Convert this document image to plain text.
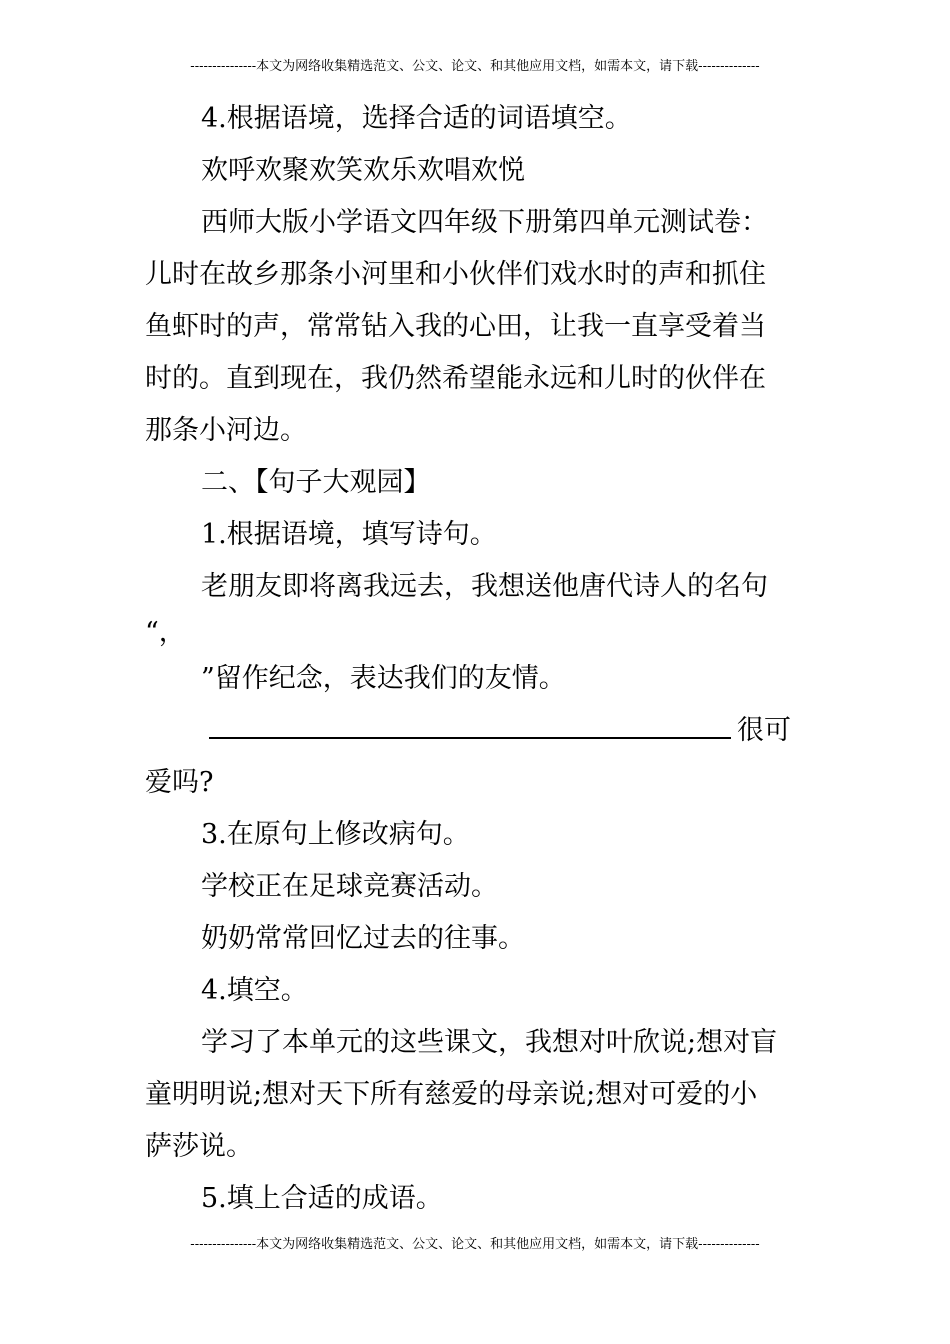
---------------本文为网络收集精选范文、公文、论文、和其他应用文档，如需本文，请下载--------------
4.根据语境，选择合适的词语填空。
欢呼欢聚欢笑欢乐欢唱欢悦
西师大版小学语文四年级下册第四单元测试卷：
儿时在故乡那条小河里和小伙伴们戏水时的声和抓住
鱼虾时的声，常常钻入我的心田，让我一直享受着当
时的。直到现在，我仍然希望能永远和儿时的伙伴在
那条小河边。
二、【句子大观园】
1.根据语境，填写诗句。
老朋友即将离我远去，我想送他唐代诗人的名句
“，
”留作纪念，表达我们的友情。
很可
爱吗?
3.在原句上修改病句。
学校正在足球竞赛活动。
奶奶常常回忆过去的往事。
4.填空。
学习了本单元的这些课文，我想对叶欣说;想对盲
童明明说;想对天下所有慈爱的母亲说;想对可爱的小
萨莎说。
5.填上合适的成语。
---------------本文为网络收集精选范文、公文、论文、和其他应用文档，如需本文，请下载--------------
